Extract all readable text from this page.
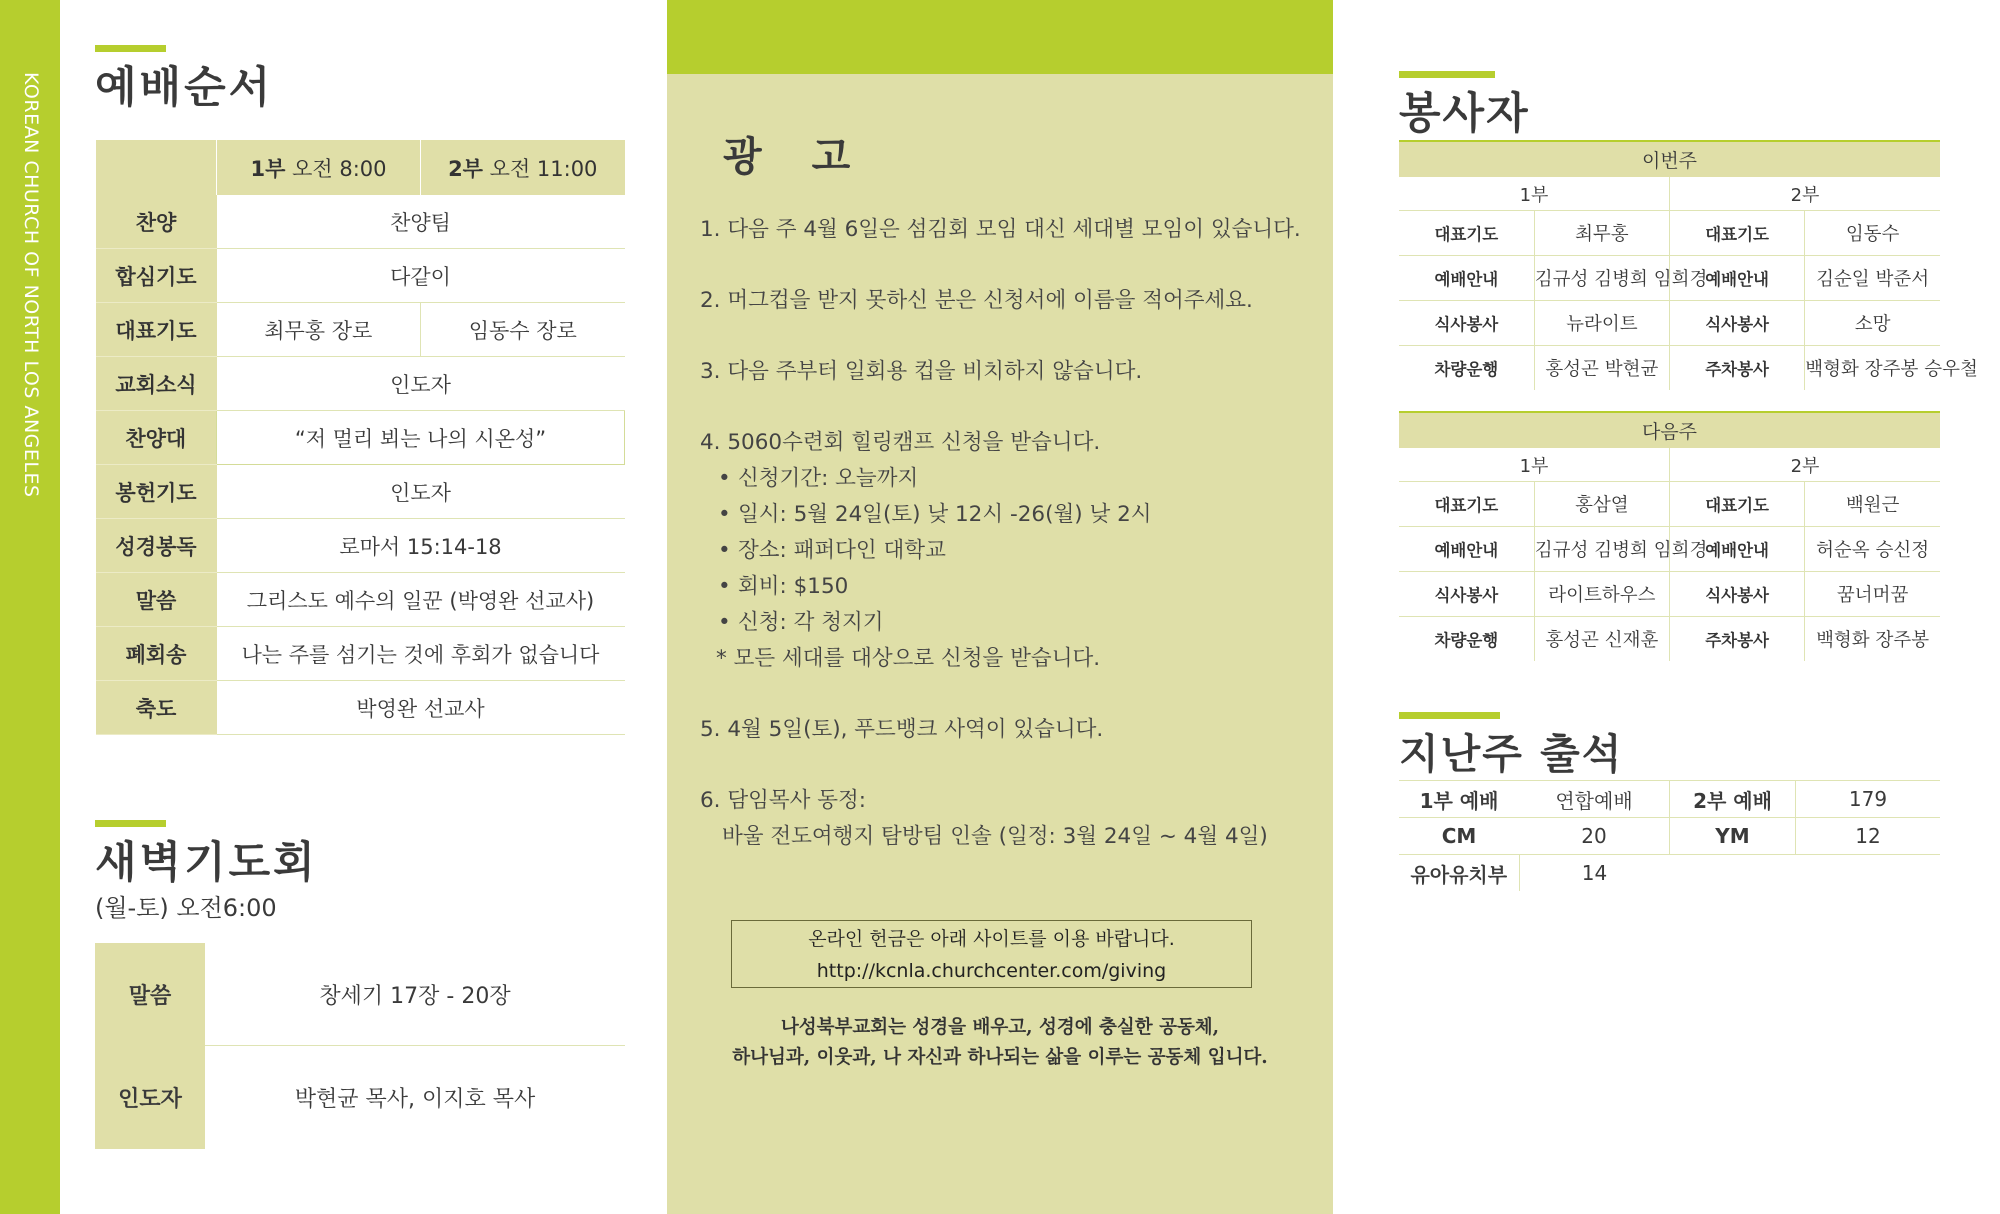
KOREAN CHURCH OF NORTH LOS ANGELES 예배순서
	1부 오전 8:00	2부 오전 11:00
찬양	찬양팀	
합심기도	다같이	
대표기도	최무홍 장로	임동수 장로
교회소식	인도자	
찬양대	“저 멀리 뵈는 나의 시온성”	
봉헌기도	인도자	
성경봉독	로마서 15:14-18	
말씀	그리스도 예수의 일꾼 (박영완 선교사)	
폐회송	나는 주를 섬기는 것에 후회가 없습니다	
축도	박영완 선교사	
새벽기도회
(월-토) 오전6:00
말씀	창세기 17장 - 20장
인도자	박현균 목사, 이지호 목사
광 고
1. 다음 주 4월 6일은 섬김회 모임 대신 세대별 모임이 있습니다.
2. 머그컵을 받지 못하신 분은 신청서에 이름을 적어주세요.
3. 다음 주부터 일회용 컵을 비치하지 않습니다.
4. 5060수련회 힐링캠프 신청을 받습니다.
• 신청기간: 오늘까지
• 일시: 5월 24일(토) 낮 12시 -26(월) 낮 2시
• 장소: 패퍼다인 대학교
• 회비: $150
• 신청: 각 청지기
* 모든 세대를 대상으로 신청을 받습니다.
5. 4월 5일(토), 푸드뱅크 사역이 있습니다.
6. 담임목사 동정:
바울 전도여행지 탐방팀 인솔 (일정: 3월 24일 ~ 4월 4일)
온라인 헌금은 아래 사이트를 이용 바랍니다.
http://kcnla.churchcenter.com/giving
나성북부교회는 성경을 배우고, 성경에 충실한 공동체,
하나님과, 이웃과, 나 자신과 하나되는 삶을 이루는 공동체 입니다.
봉사자
이번주			
1부		2부	
대표기도	최무홍	대표기도	임동수
예배안내	김규성 김병희 임희경	예배안내	김순일 박준서
식사봉사	뉴라이트	식사봉사	소망
차량운행	홍성곤 박현균	주차봉사	백형화 장주봉 승우철
다음주			
1부		2부	
대표기도	홍삼열	대표기도	백원근
예배안내	김규성 김병희 임희경	예배안내	허순옥 승신정
식사봉사	라이트하우스	식사봉사	꿈너머꿈
차량운행	홍성곤 신재훈	주차봉사	백형화 장주봉
지난주 출석
1부 예배	연합예배	2부 예배	179
CM	20	YM	12
유아유치부	14		
